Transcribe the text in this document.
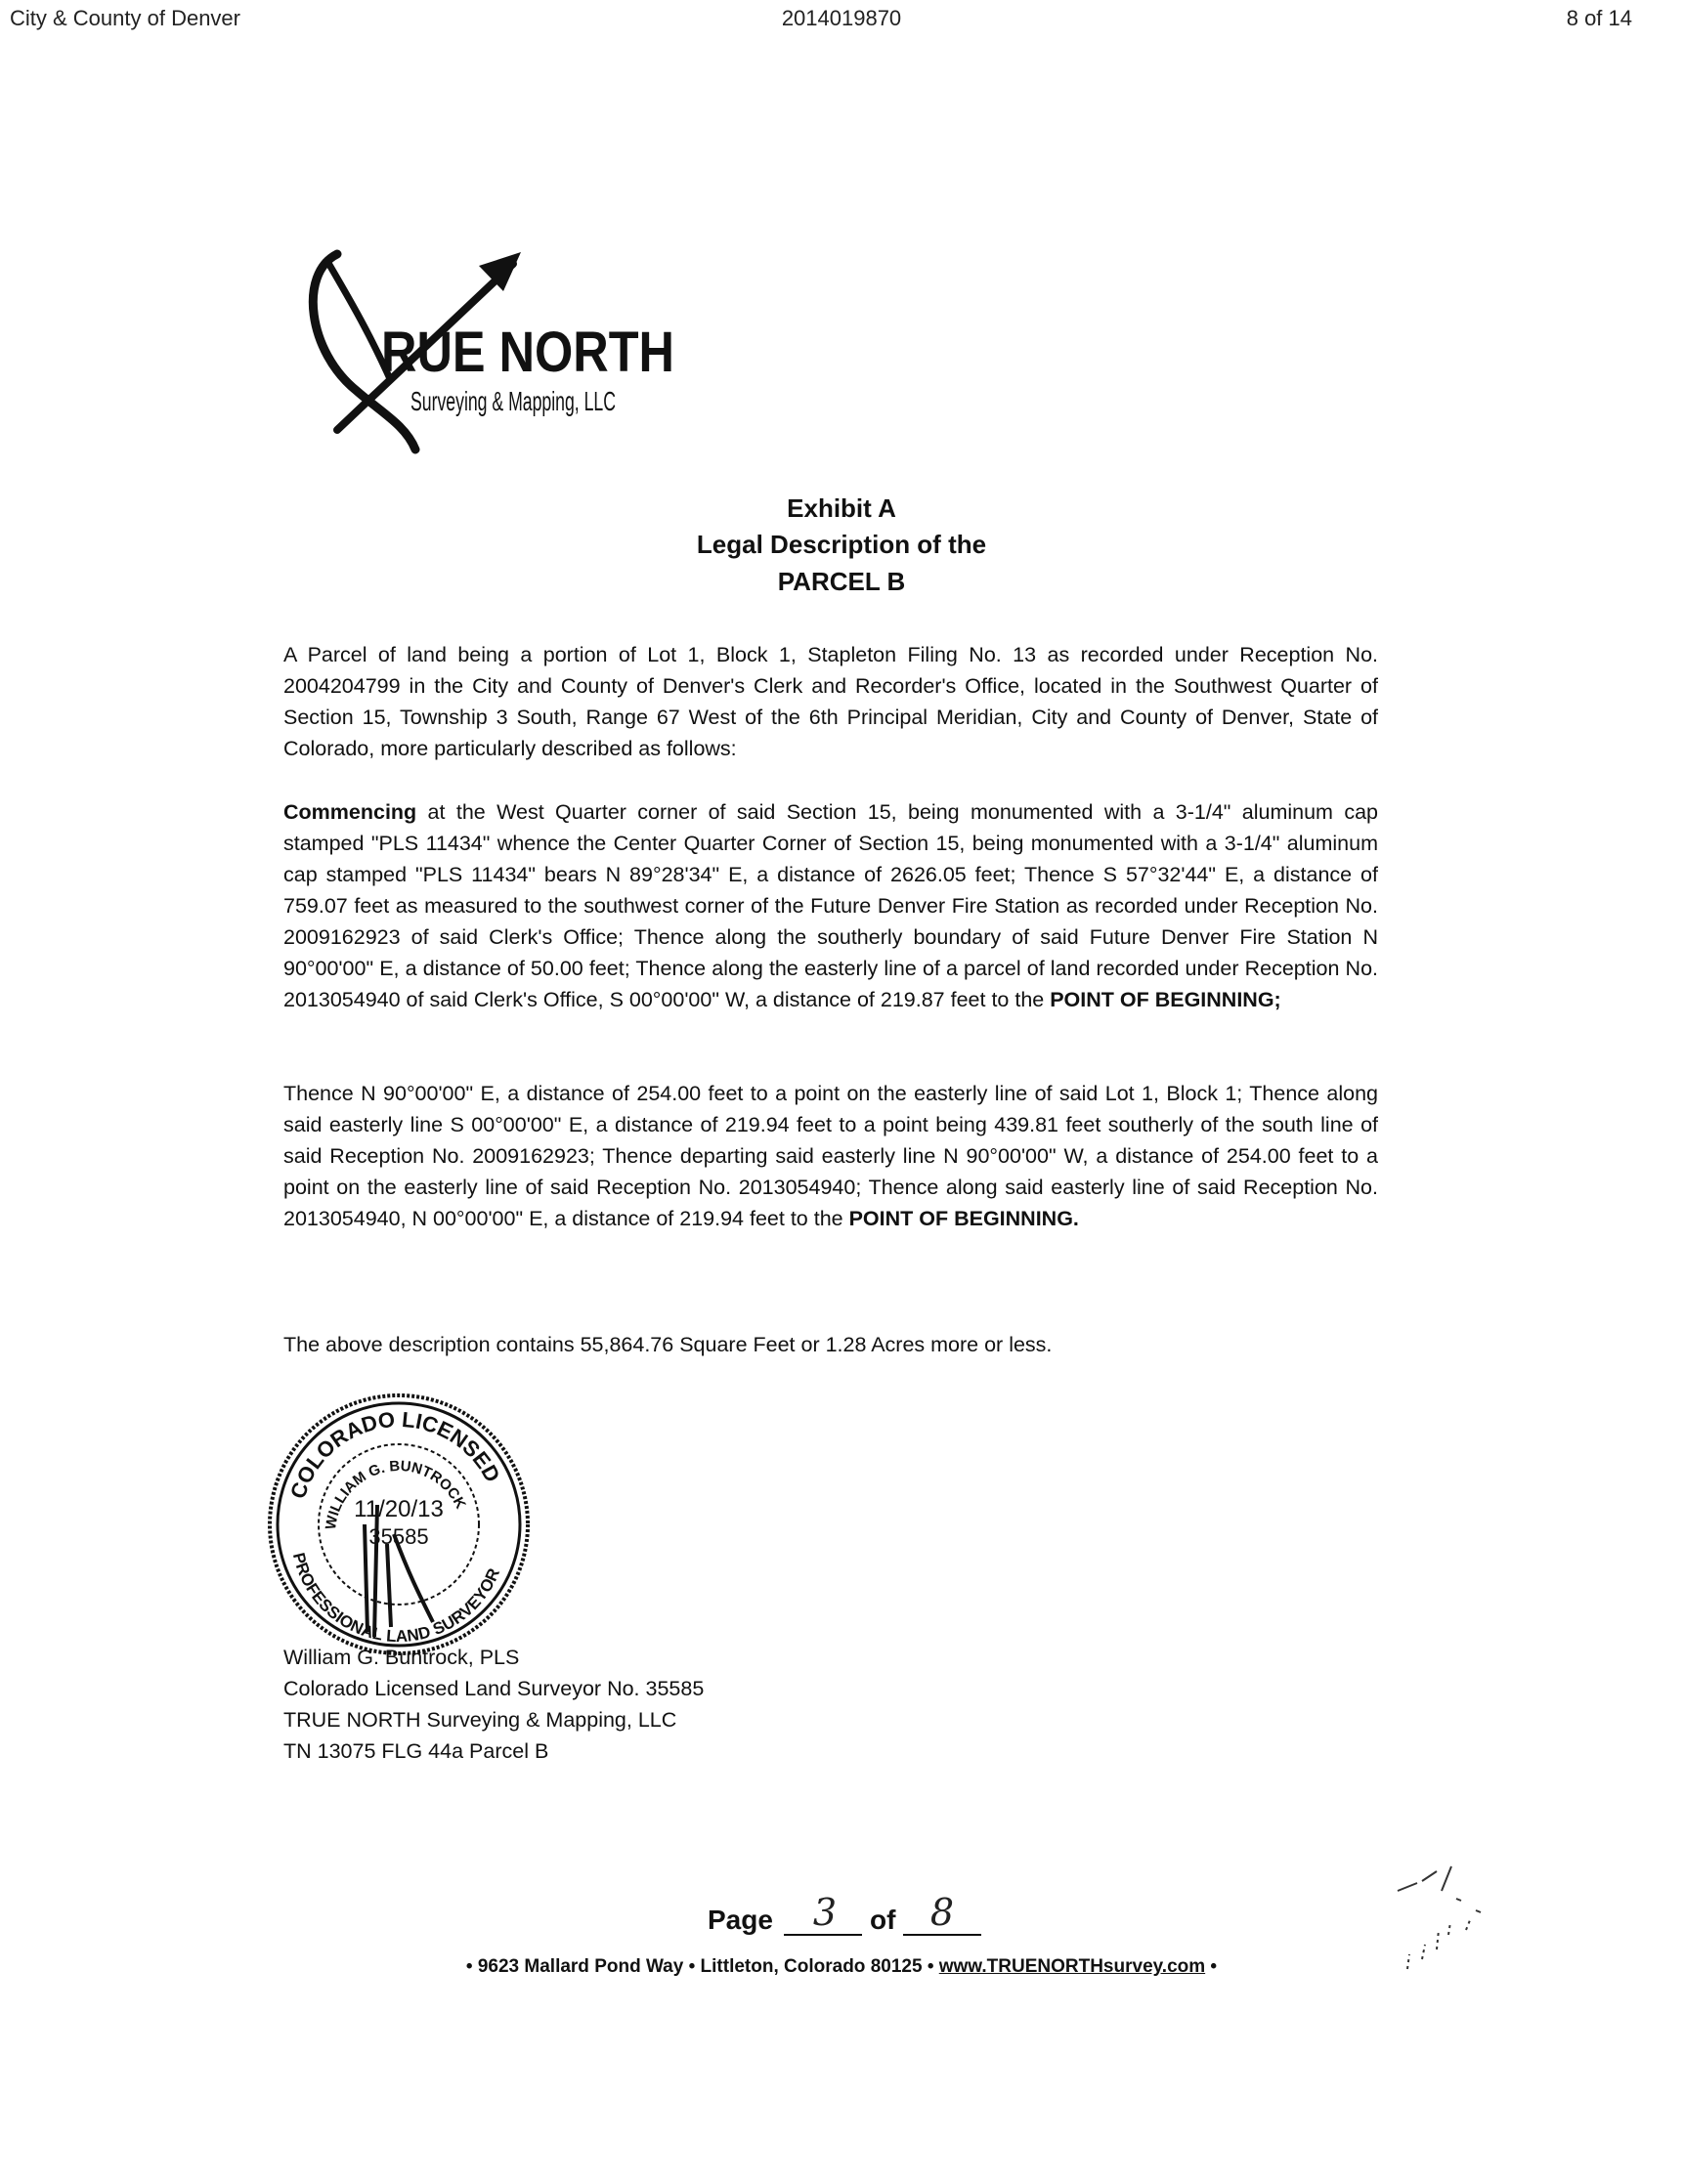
City & County of Denver	2014019870	8 of 14
RUE NORTH
Surveying & Mapping, LLC
Exhibit A
Legal Description of the
PARCEL B
A Parcel of land being a portion of Lot 1, Block 1, Stapleton Filing No. 13 as recorded under Reception No. 2004204799 in the City and County of Denver's Clerk and Recorder's Office, located in the Southwest Quarter of Section 15, Township 3 South, Range 67 West of the 6th Principal Meridian, City and County of Denver, State of Colorado, more particularly described as follows:
Commencing at the West Quarter corner of said Section 15, being monumented with a 3-1/4" aluminum cap stamped "PLS 11434" whence the Center Quarter Corner of Section 15, being monumented with a 3-1/4" aluminum cap stamped "PLS 11434" bears N 89°28'34" E, a distance of 2626.05 feet; Thence S 57°32'44" E, a distance of 759.07 feet as measured to the southwest corner of the Future Denver Fire Station as recorded under Reception No. 2009162923 of said Clerk's Office; Thence along the southerly boundary of said Future Denver Fire Station N 90°00'00" E, a distance of 50.00 feet; Thence along the easterly line of a parcel of land recorded under Reception No. 2013054940 of said Clerk's Office, S 00°00'00" W, a distance of 219.87 feet to the POINT OF BEGINNING;
Thence N 90°00'00" E, a distance of 254.00 feet to a point on the easterly line of said Lot 1, Block 1; Thence along said easterly line S 00°00'00" E, a distance of 219.94 feet to a point being 439.81 feet southerly of the south line of said Reception No. 2009162923; Thence departing said easterly line N 90°00'00" W, a distance of 254.00 feet to a point on the easterly line of said Reception No. 2013054940; Thence along said easterly line of said Reception No. 2013054940, N 00°00'00" E, a distance of 219.94 feet to the POINT OF BEGINNING.
The above description contains 55,864.76 Square Feet or 1.28 Acres more or less.
COLORADO LICENSED
PROFESSIONAL LAND SURVEYOR
WILLIAM G. BUNTROCK
11/20/13
35585
William G. Buntrock, PLS
Colorado Licensed Land Surveyor No. 35585
TRUE NORTH Surveying & Mapping, LLC
TN 13075 FLG 44a Parcel B
Page	3	of 8
• 9623 Mallard Pond Way • Littleton, Colorado 80125 • www.TRUENORTHsurvey.com •
